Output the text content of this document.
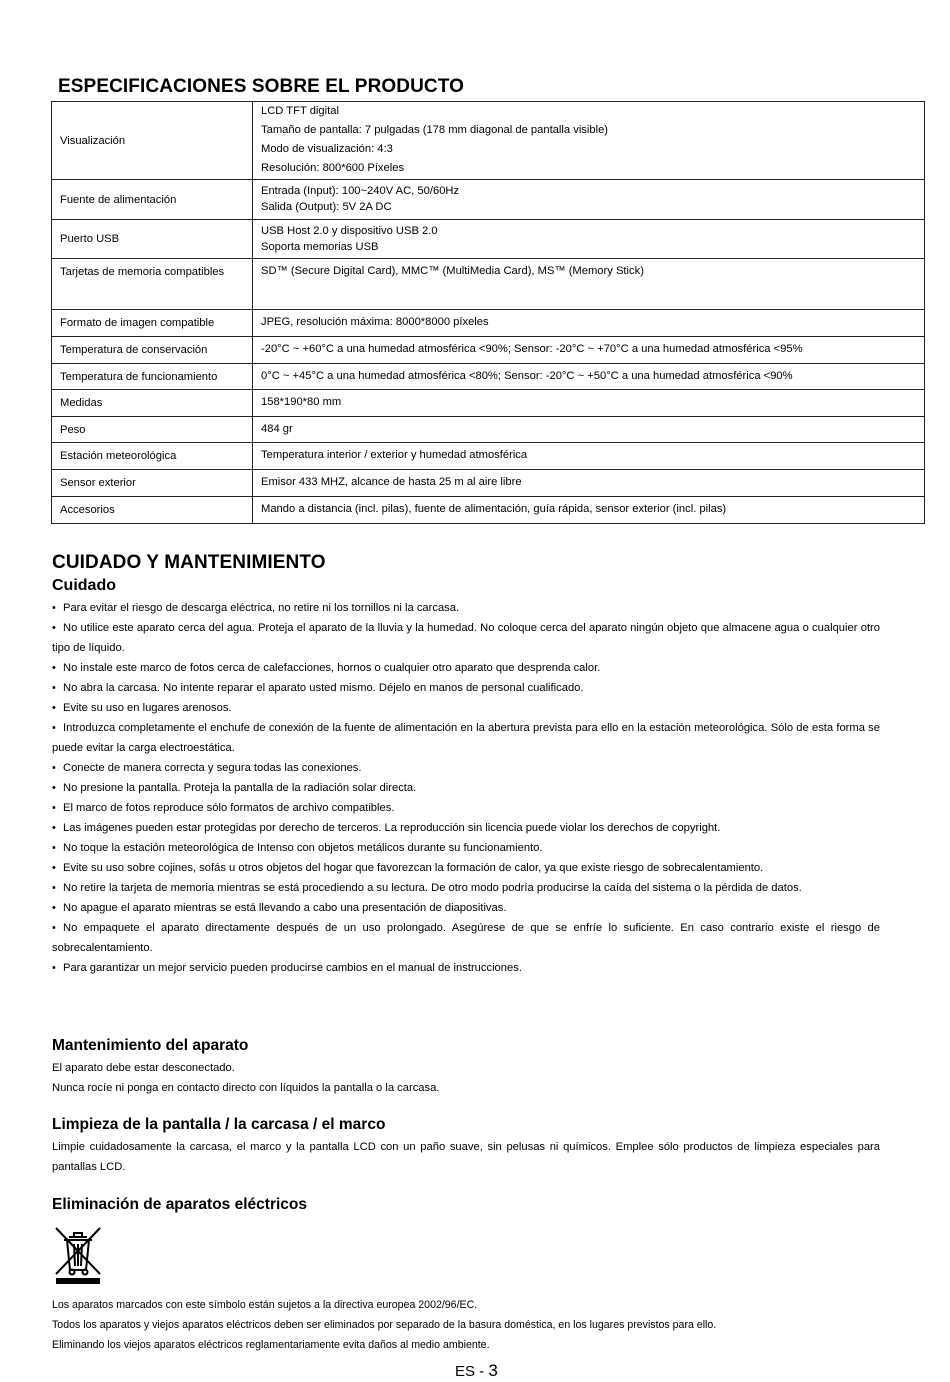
ESPECIFICACIONES SOBRE EL PRODUCTO
Visualización	LCD TFT digital
Tamaño de pantalla: 7 pulgadas (178 mm diagonal de pantalla visible)
Modo de visualización: 4:3
Resolución: 800*600 Píxeles

Fuente de alimentación	Entrada (Input): 100~240V AC, 50/60Hz
Salida (Output): 5V 2A DC

Puerto USB	USB Host 2.0 y dispositivo USB 2.0
Soporta memorias USB

Tarjetas de memoria compatibles	SD™ (Secure Digital Card), MMC™ (MultiMedia Card), MS™ (Memory Stick)

Formato de imagen compatible	JPEG, resolución máxima: 8000*8000 píxeles

Temperatura de conservación	-20°C ~ +60°C a una humedad atmosférica <90%; Sensor: -20°C ~ +70°C a una humedad atmosférica <95%

Temperatura de funcionamiento	0°C ~ +45°C a una humedad atmosférica <80%; Sensor: -20°C ~ +50°C a una humedad atmosférica <90%

Medidas	158*190*80 mm

Peso	484 gr

Estación meteorológica	Temperatura interior / exterior y humedad atmosférica

Sensor exterior	Emisor 433 MHZ, alcance de hasta 25 m al aire libre

Accesorios	Mando a distancia (incl. pilas), fuente de alimentación, guía rápida, sensor exterior (incl. pilas)
CUIDADO Y MANTENIMIENTO
Cuidado
• Para evitar el riesgo de descarga eléctrica, no retire ni los tornillos ni la carcasa.
• No utilice este aparato cerca del agua. Proteja el aparato de la lluvia y la humedad. No coloque cerca del aparato ningún objeto que almacene agua o cualquier otro tipo de líquido.
• No instale este marco de fotos cerca de calefacciones, hornos o cualquier otro aparato que desprenda calor.
• No abra la carcasa. No intente reparar el aparato usted mismo. Déjelo en manos de personal cualificado.
• Evite su uso en lugares arenosos.
• Introduzca completamente el enchufe de conexión de la fuente de alimentación en la abertura prevista para ello en la estación meteorológica. Sólo de esta forma se puede evitar la carga electroestática.
• Conecte de manera correcta y segura todas las conexiones.
• No presione la pantalla. Proteja la pantalla de la radiación solar directa.
• El marco de fotos reproduce sólo formatos de archivo compatibles.
• Las imágenes pueden estar protegidas por derecho de terceros. La reproducción sin licencia puede violar los derechos de copyright.
• No toque la estación meteorológica de Intenso con objetos metálicos durante su funcionamiento.
• Evite su uso sobre cojines, sofás u otros objetos del hogar que favorezcan la formación de calor, ya que existe riesgo de sobrecalentamiento.
• No retire la tarjeta de memoria mientras se está procediendo a su lectura. De otro modo podría producirse la caída del sistema o la pérdida de datos.
• No apague el aparato mientras se está llevando a cabo una presentación de diapositivas.
• No empaquete el aparato directamente después de un uso prolongado. Asegúrese de que se enfríe lo suficiente. En caso contrario existe el riesgo de sobrecalentamiento.
• Para garantizar un mejor servicio pueden producirse cambios en el manual de instrucciones.
Mantenimiento del aparato
El aparato debe estar desconectado.
Nunca rocíe ni ponga en contacto directo con líquidos la pantalla o la carcasa.
Limpieza de la pantalla / la carcasa / el marco
Limpie cuidadosamente la carcasa, el marco y la pantalla LCD con un paño suave, sin pelusas ni químicos. Emplee sólo productos de limpieza especiales para pantallas LCD.
Eliminación de aparatos eléctricos
Los aparatos marcados con este símbolo están sujetos a la directiva europea 2002/96/EC.
Todos los aparatos y viejos aparatos eléctricos deben ser eliminados por separado de la basura doméstica, en los lugares previstos para ello.
Eliminando los viejos aparatos eléctricos reglamentariamente evita daños al medio ambiente.
ES - 3
